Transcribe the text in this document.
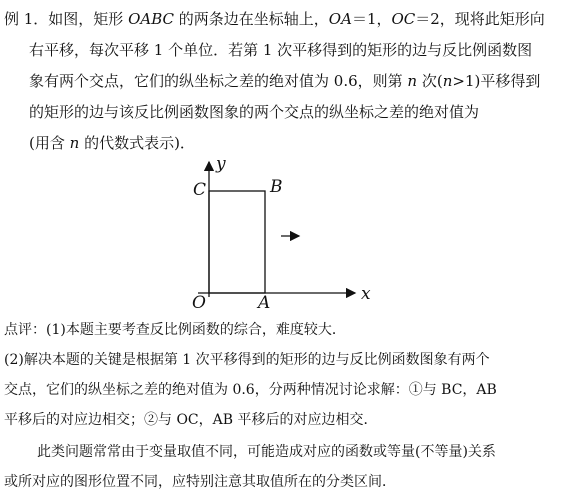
例 1．如图，矩形 OABC 的两条边在坐标轴上，OA＝1，OC＝2，现将此矩形向
右平移，每次平移 1 个单位．若第 1 次平移得到的矩形的边与反比例函数图
象有两个交点，它们的纵坐标之差的绝对值为 0.6，则第 n 次(n>1)平移得到
的矩形的边与该反比例函数图象的两个交点的纵坐标之差的绝对值为
(用含 n 的代数式表示)．
y
C	B
O	A	x
点评：(1)本题主要考查反比例函数的综合，难度较大．
(2)解决本题的关键是根据第 1 次平移得到的矩形的边与反比例函数图象有两个
交点，它们的纵坐标之差的绝对值为 0.6，分两种情况讨论求解：①与 BC，AB
平移后的对应边相交；②与 OC，AB 平移后的对应边相交．
此类问题常常由于变量取值不同，可能造成对应的函数或等量(不等量)关系
或所对应的图形位置不同，应特别注意其取值所在的分类区间．
